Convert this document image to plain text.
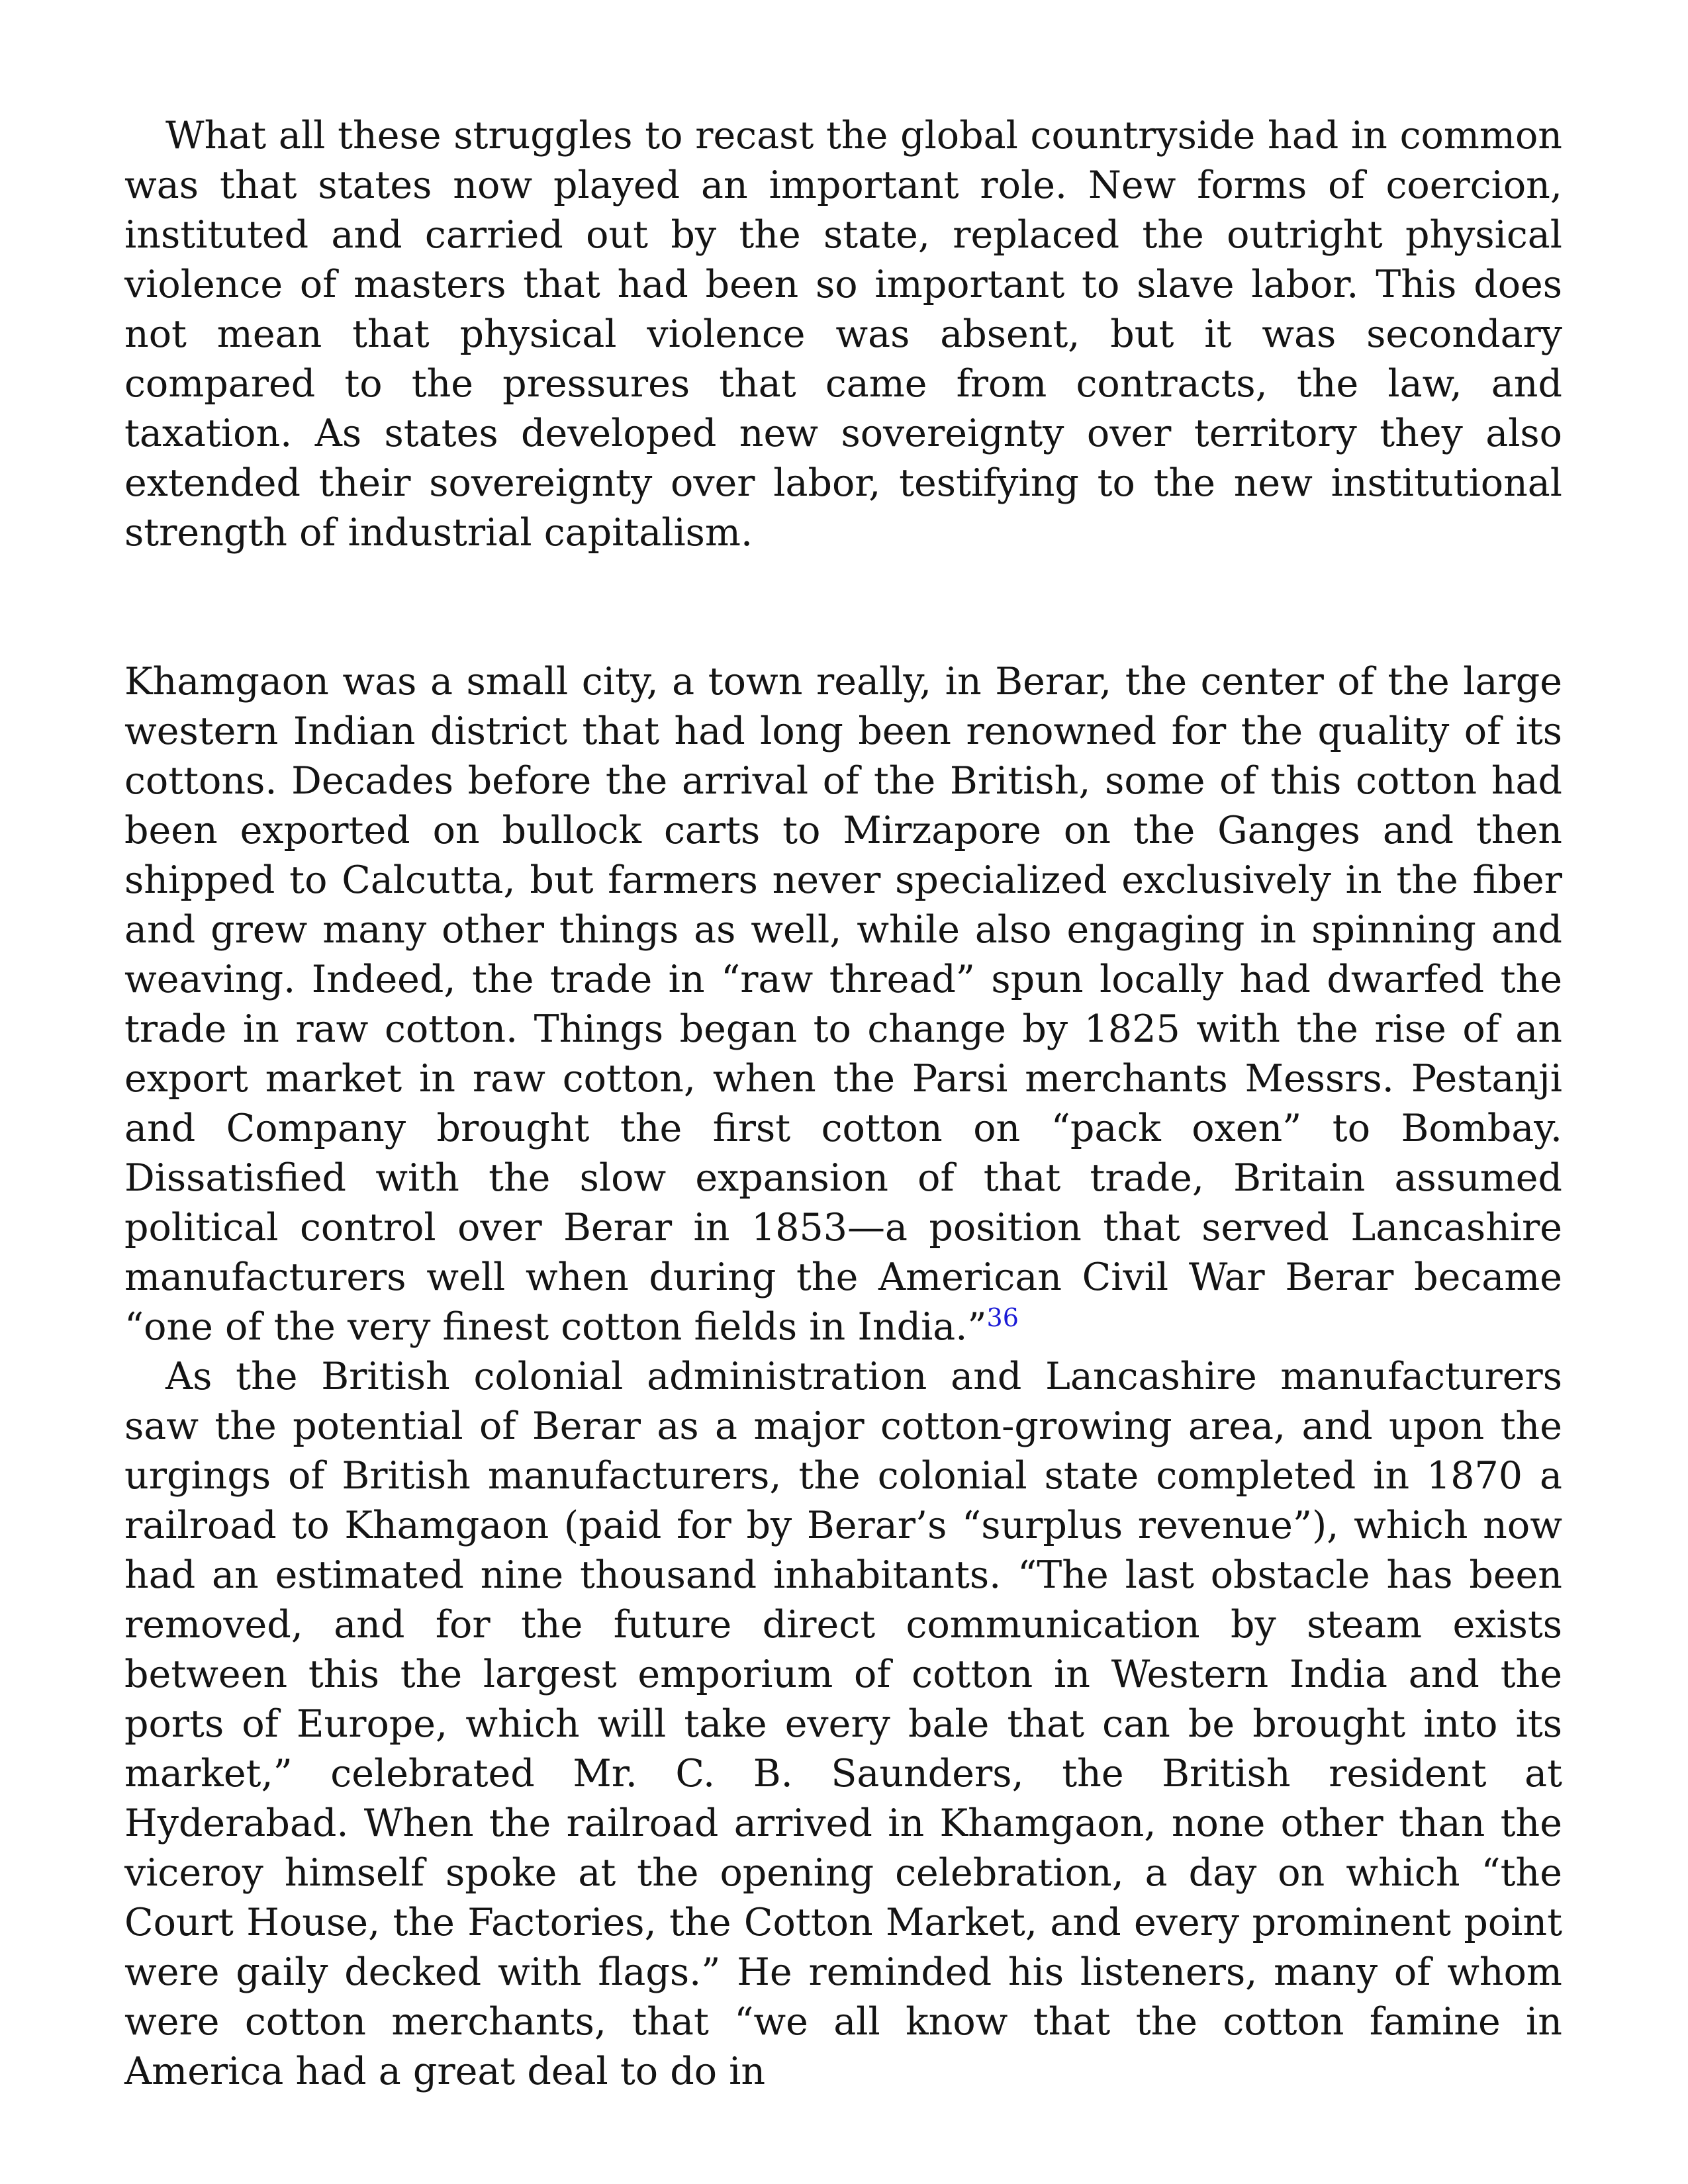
What all these struggles to recast the global countryside had in common was that states now played an important role. New forms of coercion, instituted and carried out by the state, replaced the outright physical violence of masters that had been so important to slave labor. This does not mean that physical violence was absent, but it was secondary compared to the pressures that came from contracts, the law, and taxation. As states developed new sovereignty over territory they also extended their sovereignty over labor, testifying to the new institutional strength of industrial capitalism.

Khamgaon was a small city, a town really, in Berar, the center of the large western Indian district that had long been renowned for the quality of its cottons. Decades before the arrival of the British, some of this cotton had been exported on bullock carts to Mirzapore on the Ganges and then shipped to Calcutta, but farmers never specialized exclusively in the fiber and grew many other things as well, while also engaging in spinning and weaving. Indeed, the trade in “raw thread” spun locally had dwarfed the trade in raw cotton. Things began to change by 1825 with the rise of an export market in raw cotton, when the Parsi merchants Messrs. Pestanji and Company brought the first cotton on “pack oxen” to Bombay. Dissatisfied with the slow expansion of that trade, Britain assumed political control over Berar in 1853—a position that served Lancashire manufacturers well when during the American Civil War Berar became “one of the very finest cotton fields in India.”$^{36}$

As the British colonial administration and Lancashire manufacturers saw the potential of Berar as a major cotton-growing area, and upon the urgings of British manufacturers, the colonial state completed in 1870 a railroad to Khamgaon (paid for by Berar’s “surplus revenue”), which now had an estimated nine thousand inhabitants. “The last obstacle has been removed, and for the future direct communication by steam exists between this the largest emporium of cotton in Western India and the ports of Europe, which will take every bale that can be brought into its market,” celebrated Mr. C. B. Saunders, the British resident at Hyderabad. When the railroad arrived in Khamgaon, none other than the viceroy himself spoke at the opening celebration, a day on which “the Court House, the Factories, the Cotton Market, and every prominent point were gaily decked with flags.” He reminded his listeners, many of whom were cotton merchants, that “we all know that the cotton famine in America had a great deal to do in
